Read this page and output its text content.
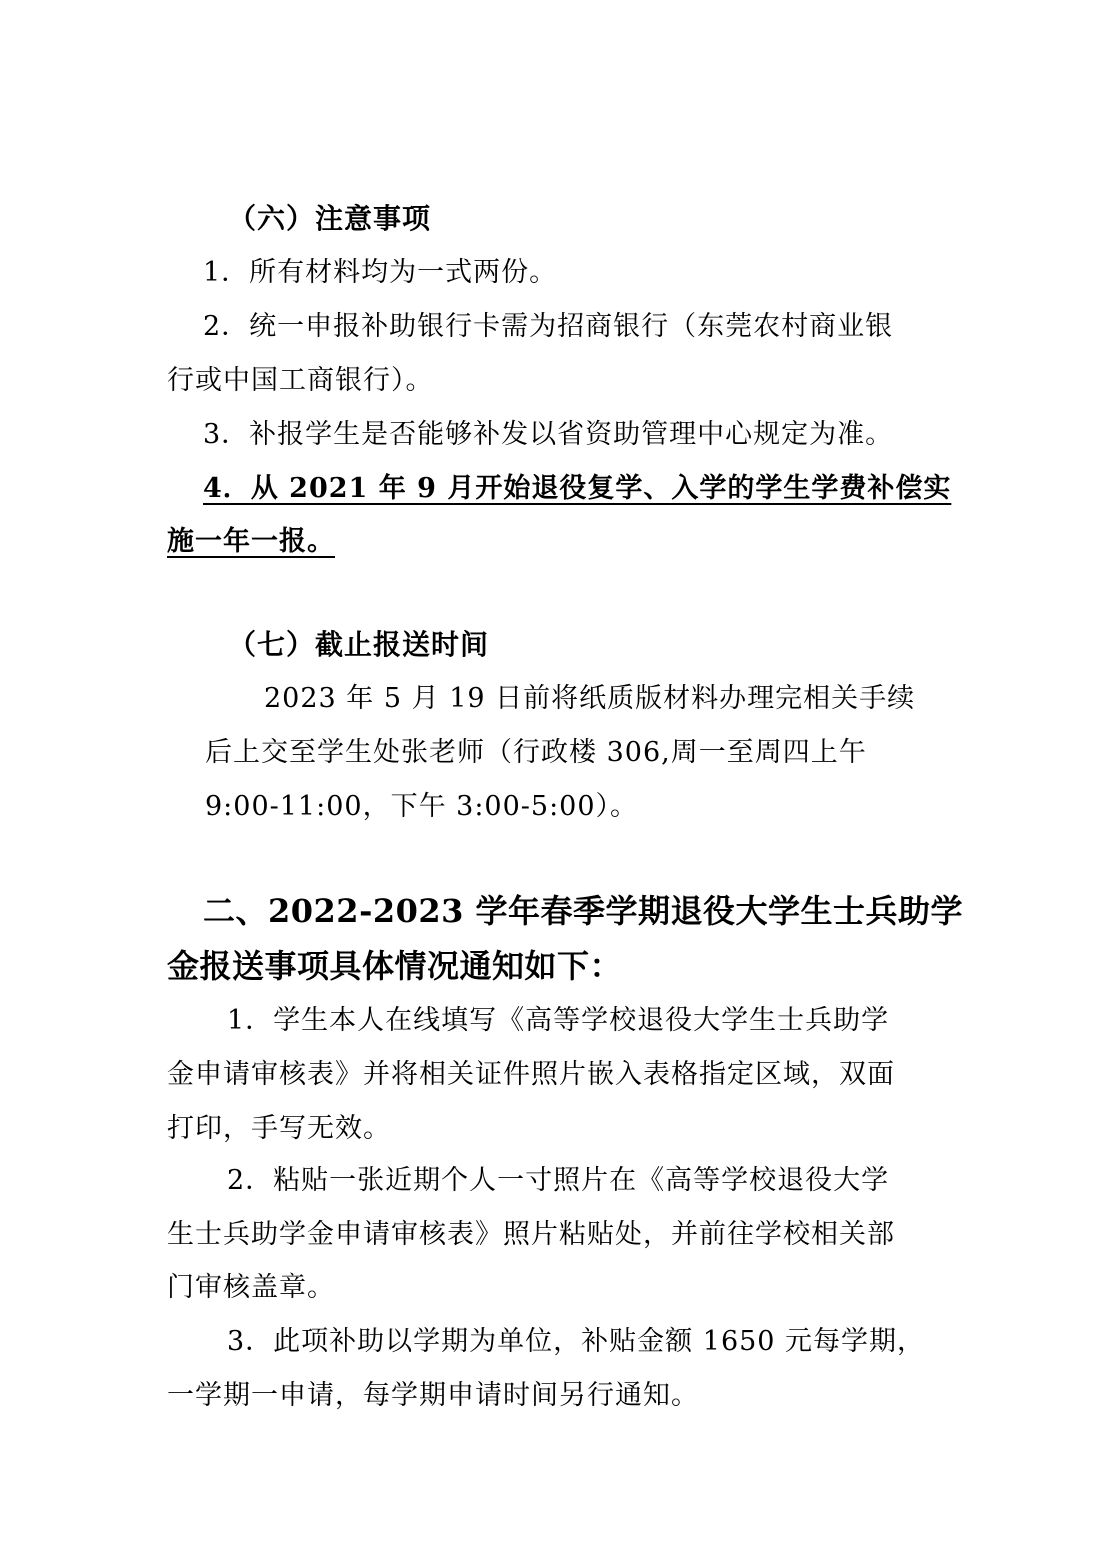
（六）注意事项

1．所有材料均为一式两份。

2．统一申报补助银行卡需为招商银行（东莞农村商业银

行或中国工商银行）。

3．补报学生是否能够补发以省资助管理中心规定为准。

4．从 2021 年 9 月开始退役复学、入学的学生学费补偿实

施一年一报。

（七）截止报送时间

2023 年 5 月 19 日前将纸质版材料办理完相关手续

后上交至学生处张老师（行政楼 306,周一至周四上午

9:00-11:00，下午 3:00-5:00）。

二、2022-2023 学年春季学期退役大学生士兵助学

金报送事项具体情况通知如下：

1．学生本人在线填写《高等学校退役大学生士兵助学

金申请审核表》并将相关证件照片嵌入表格指定区域，双面

打印，手写无效。

2．粘贴一张近期个人一寸照片在《高等学校退役大学

生士兵助学金申请审核表》照片粘贴处，并前往学校相关部

门审核盖章。

3．此项补助以学期为单位，补贴金额 1650 元每学期，

一学期一申请，每学期申请时间另行通知。
